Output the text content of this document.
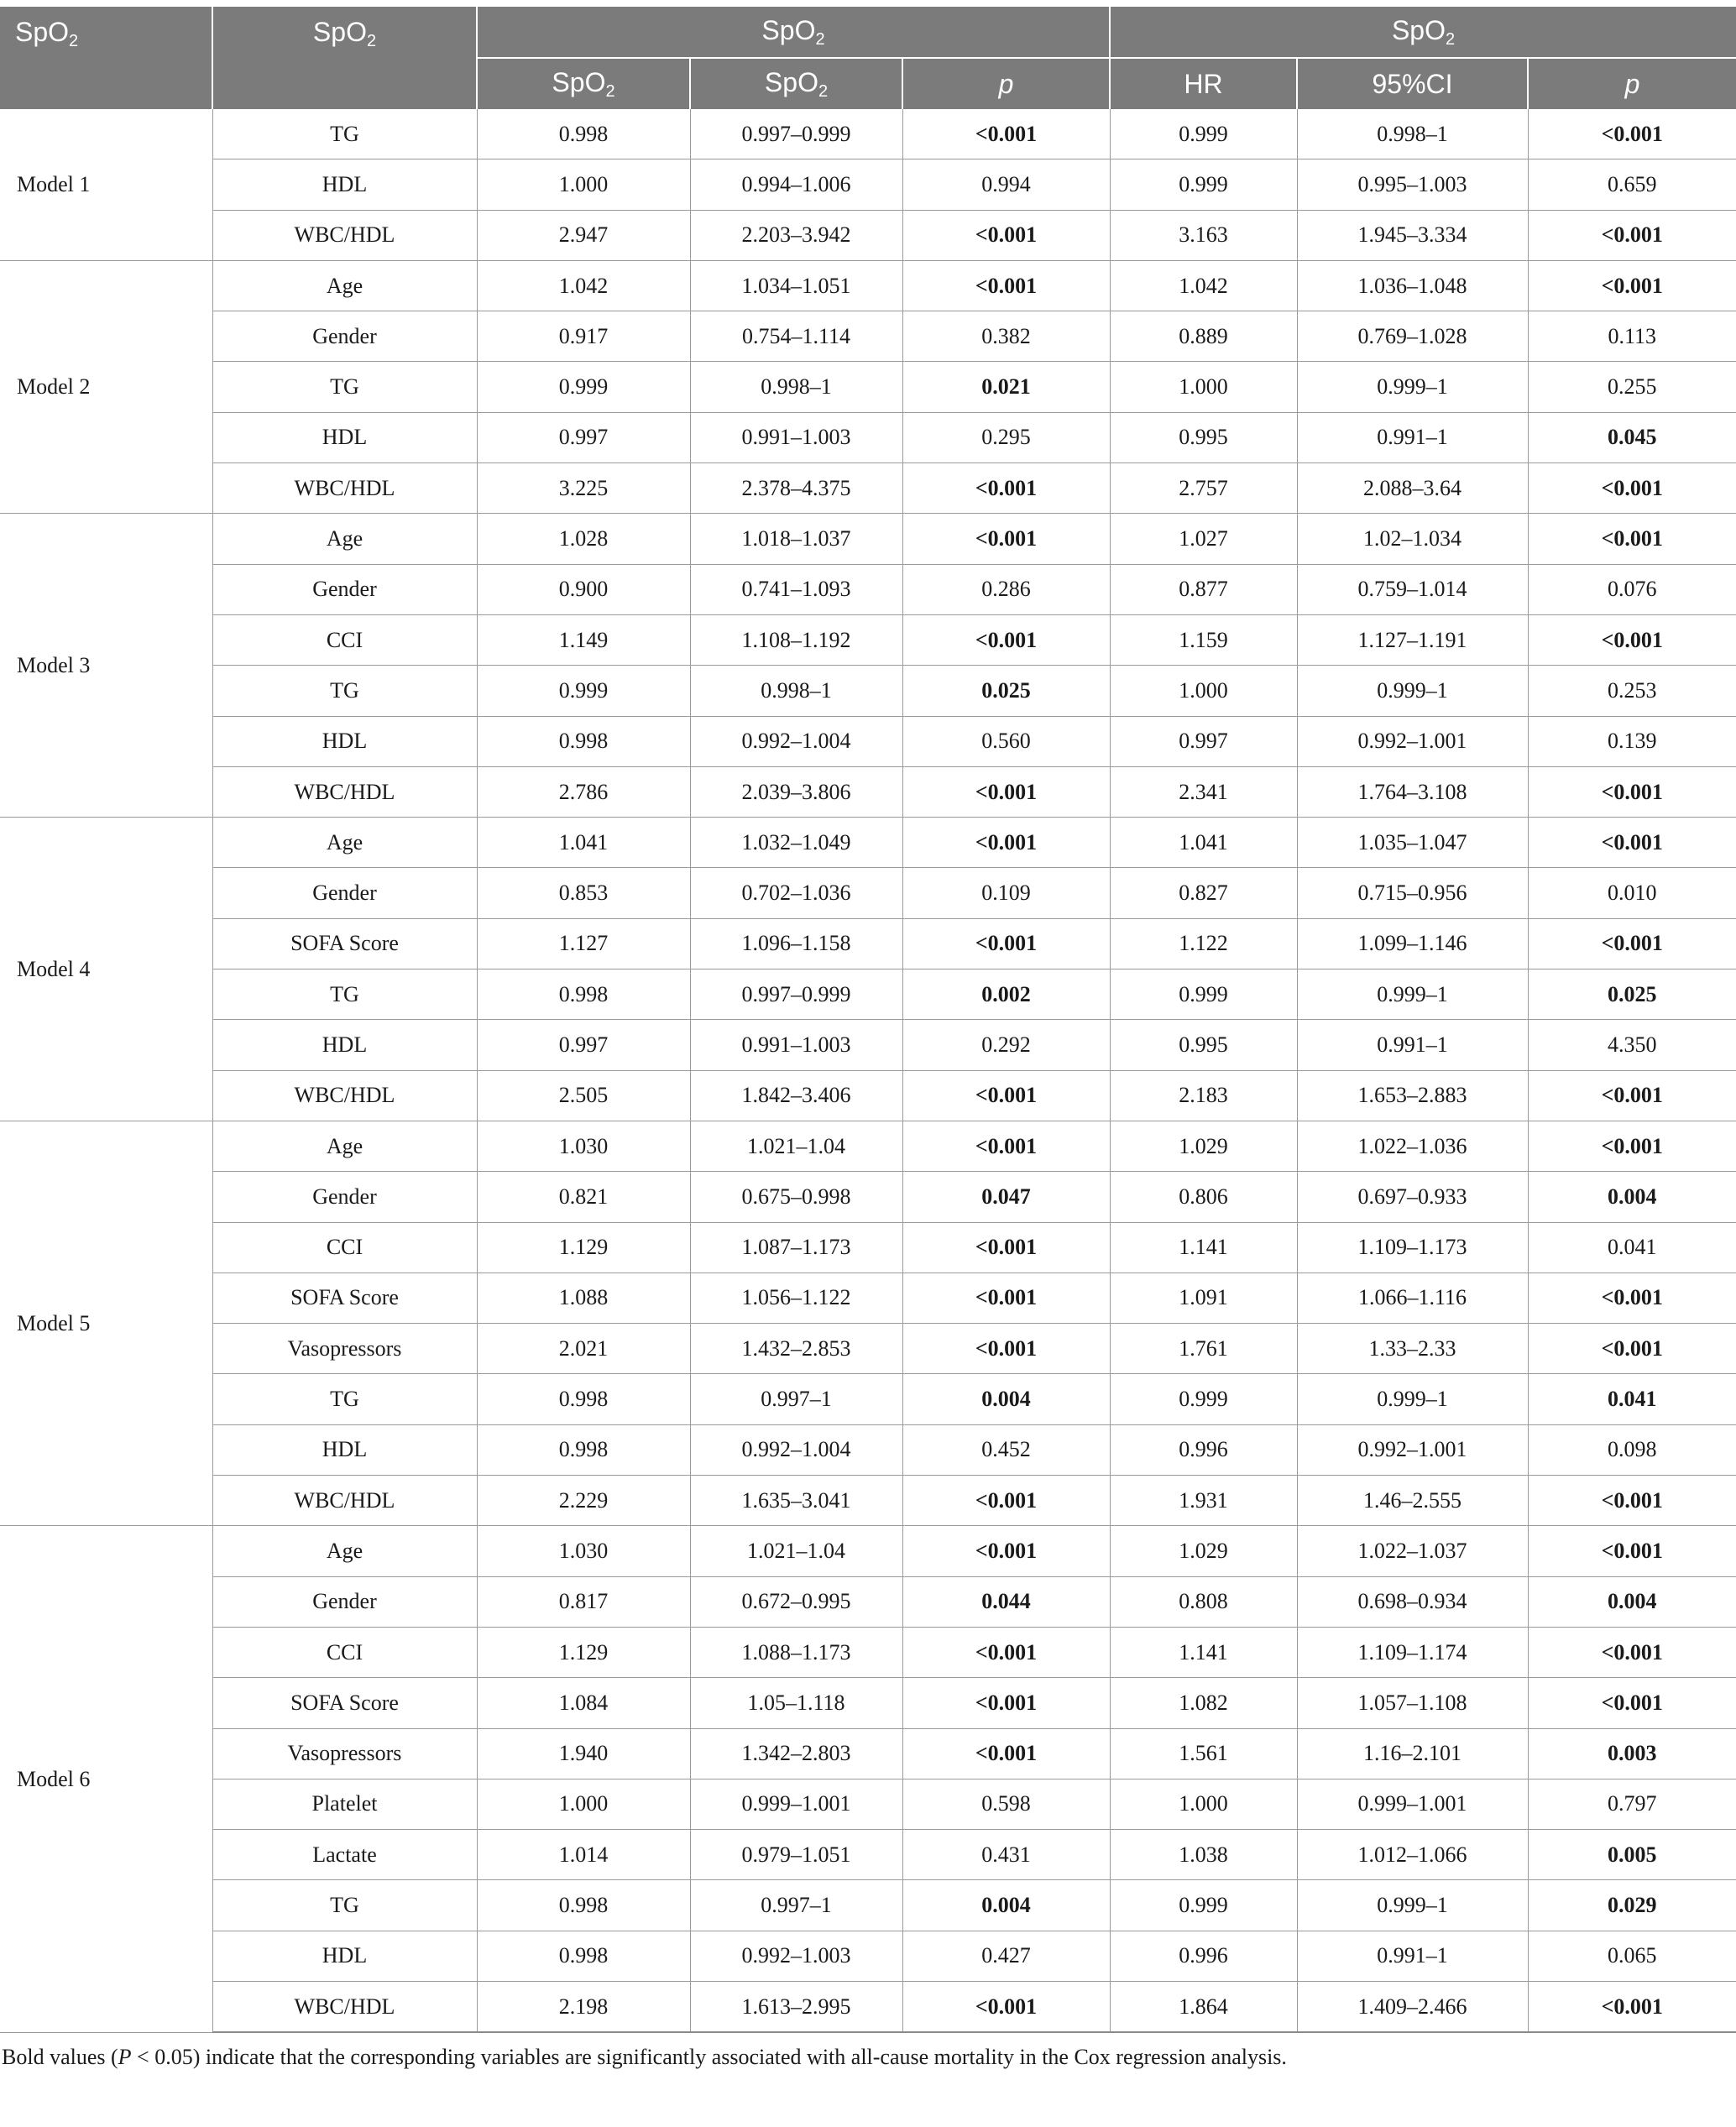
SpO$_2$	SpO$_2$	SpO$_2$			SpO$_2$
		SpO$_2$	SpO$_2$	p	HR	95%CI	p
Model 1	TG	0.998	0.997–0.999	<0.001	0.999	0.998–1	<0.001
	HDL	1.000	0.994–1.006	0.994	0.999	0.995–1.003	0.659
	WBC/HDL	2.947	2.203–3.942	<0.001	3.163	1.945–3.334	<0.001
Model 2	Age	1.042	1.034–1.051	<0.001	1.042	1.036–1.048	<0.001
	Gender	0.917	0.754–1.114	0.382	0.889	0.769–1.028	0.113
	TG	0.999	0.998–1	0.021	1.000	0.999–1	0.255
	HDL	0.997	0.991–1.003	0.295	0.995	0.991–1	0.045
	WBC/HDL	3.225	2.378–4.375	<0.001	2.757	2.088–3.64	<0.001
Model 3	Age	1.028	1.018–1.037	<0.001	1.027	1.02–1.034	<0.001
	Gender	0.900	0.741–1.093	0.286	0.877	0.759–1.014	0.076
	CCI	1.149	1.108–1.192	<0.001	1.159	1.127–1.191	<0.001
	TG	0.999	0.998–1	0.025	1.000	0.999–1	0.253
	HDL	0.998	0.992–1.004	0.560	0.997	0.992–1.001	0.139
	WBC/HDL	2.786	2.039–3.806	<0.001	2.341	1.764–3.108	<0.001
Model 4	Age	1.041	1.032–1.049	<0.001	1.041	1.035–1.047	<0.001
	Gender	0.853	0.702–1.036	0.109	0.827	0.715–0.956	0.010
	SOFA Score	1.127	1.096–1.158	<0.001	1.122	1.099–1.146	<0.001
	TG	0.998	0.997–0.999	0.002	0.999	0.999–1	0.025
	HDL	0.997	0.991–1.003	0.292	0.995	0.991–1	4.350
	WBC/HDL	2.505	1.842–3.406	<0.001	2.183	1.653–2.883	<0.001
Model 5	Age	1.030	1.021–1.04	<0.001	1.029	1.022–1.036	<0.001
	Gender	0.821	0.675–0.998	0.047	0.806	0.697–0.933	0.004
	CCI	1.129	1.087–1.173	<0.001	1.141	1.109–1.173	0.041
	SOFA Score	1.088	1.056–1.122	<0.001	1.091	1.066–1.116	<0.001
	Vasopressors	2.021	1.432–2.853	<0.001	1.761	1.33–2.33	<0.001
	TG	0.998	0.997–1	0.004	0.999	0.999–1	0.041
	HDL	0.998	0.992–1.004	0.452	0.996	0.992–1.001	0.098
	WBC/HDL	2.229	1.635–3.041	<0.001	1.931	1.46–2.555	<0.001
Model 6	Age	1.030	1.021–1.04	<0.001	1.029	1.022–1.037	<0.001
	Gender	0.817	0.672–0.995	0.044	0.808	0.698–0.934	0.004
	CCI	1.129	1.088–1.173	<0.001	1.141	1.109–1.174	<0.001
	SOFA Score	1.084	1.05–1.118	<0.001	1.082	1.057–1.108	<0.001
	Vasopressors	1.940	1.342–2.803	<0.001	1.561	1.16–2.101	0.003
	Platelet	1.000	0.999–1.001	0.598	1.000	0.999–1.001	0.797
	Lactate	1.014	0.979–1.051	0.431	1.038	1.012–1.066	0.005
	TG	0.998	0.997–1	0.004	0.999	0.999–1	0.029
	HDL	0.998	0.992–1.003	0.427	0.996	0.991–1	0.065
	WBC/HDL	2.198	1.613–2.995	<0.001	1.864	1.409–2.466	<0.001
Bold values (P < 0.05) indicate that the corresponding variables are significantly associated with all-cause mortality in the Cox regression analysis.
